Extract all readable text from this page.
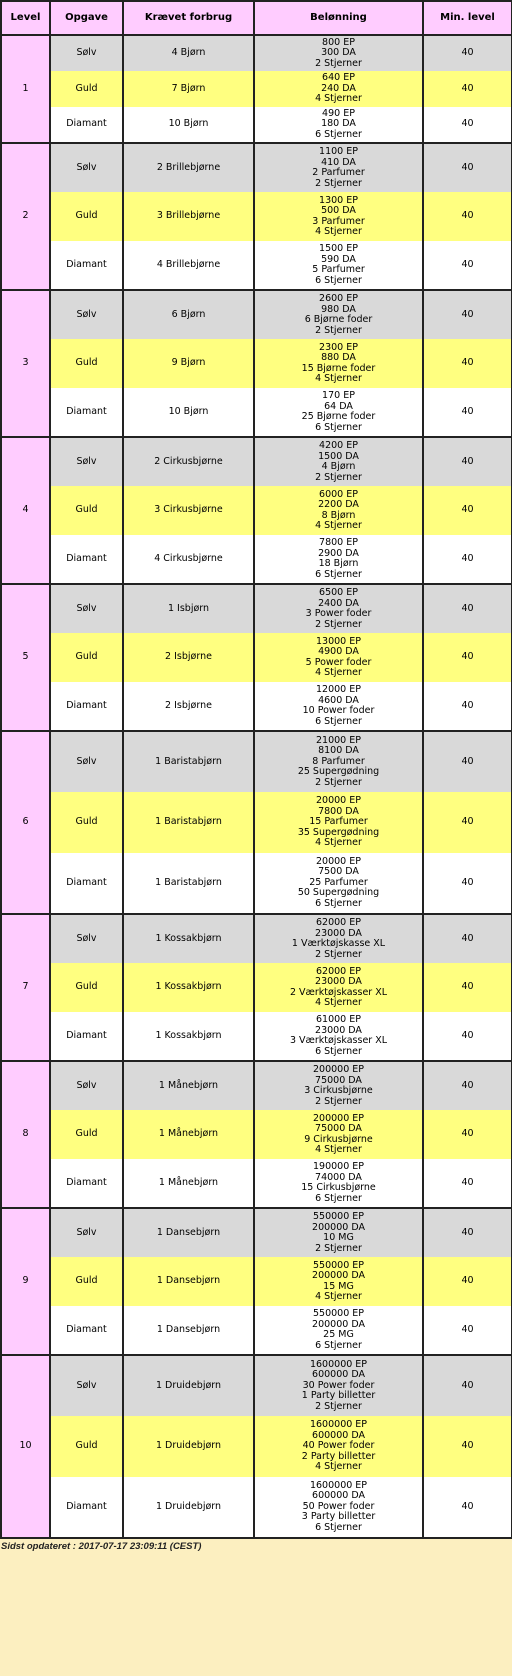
Level	Opgave	Krævet forbrug	Belønning	Min. level
1	Sølv	4 Bjørn	800 EP
300 DA
2 Stjerner	40
	Guld	7 Bjørn	640 EP
240 DA
4 Stjerner	40
	Diamant	10 Bjørn	490 EP
180 DA
6 Stjerner	40
2	Sølv	2 Brillebjørne	1100 EP
410 DA
2 Parfumer
2 Stjerner	40
	Guld	3 Brillebjørne	1300 EP
500 DA
3 Parfumer
4 Stjerner	40
	Diamant	4 Brillebjørne	1500 EP
590 DA
5 Parfumer
6 Stjerner	40
3	Sølv	6 Bjørn	2600 EP
980 DA
6 Bjørne foder
2 Stjerner	40
	Guld	9 Bjørn	2300 EP
880 DA
15 Bjørne foder
4 Stjerner	40
	Diamant	10 Bjørn	170 EP
64 DA
25 Bjørne foder
6 Stjerner	40
4	Sølv	2 Cirkusbjørne	4200 EP
1500 DA
4 Bjørn
2 Stjerner	40
	Guld	3 Cirkusbjørne	6000 EP
2200 DA
8 Bjørn
4 Stjerner	40
	Diamant	4 Cirkusbjørne	7800 EP
2900 DA
18 Bjørn
6 Stjerner	40
5	Sølv	1 Isbjørn	6500 EP
2400 DA
3 Power foder
2 Stjerner	40
	Guld	2 Isbjørne	13000 EP
4900 DA
5 Power foder
4 Stjerner	40
	Diamant	2 Isbjørne	12000 EP
4600 DA
10 Power foder
6 Stjerner	40
6	Sølv	1 Baristabjørn	21000 EP
8100 DA
8 Parfumer
25 Supergødning
2 Stjerner	40
	Guld	1 Baristabjørn	20000 EP
7800 DA
15 Parfumer
35 Supergødning
4 Stjerner	40
	Diamant	1 Baristabjørn	20000 EP
7500 DA
25 Parfumer
50 Supergødning
6 Stjerner	40
7	Sølv	1 Kossakbjørn	62000 EP
23000 DA
1 Værktøjskasse XL
2 Stjerner	40
	Guld	1 Kossakbjørn	62000 EP
23000 DA
2 Værktøjskasser XL
4 Stjerner	40
	Diamant	1 Kossakbjørn	61000 EP
23000 DA
3 Værktøjskasser XL
6 Stjerner	40
8	Sølv	1 Månebjørn	200000 EP
75000 DA
3 Cirkusbjørne
2 Stjerner	40
	Guld	1 Månebjørn	200000 EP
75000 DA
9 Cirkusbjørne
4 Stjerner	40
	Diamant	1 Månebjørn	190000 EP
74000 DA
15 Cirkusbjørne
6 Stjerner	40
9	Sølv	1 Dansebjørn	550000 EP
200000 DA
10 MG
2 Stjerner	40
	Guld	1 Dansebjørn	550000 EP
200000 DA
15 MG
4 Stjerner	40
	Diamant	1 Dansebjørn	550000 EP
200000 DA
25 MG
6 Stjerner	40
10	Sølv	1 Druidebjørn	1600000 EP
600000 DA
30 Power foder
1 Party billetter
2 Stjerner	40
	Guld	1 Druidebjørn	1600000 EP
600000 DA
40 Power foder
2 Party billetter
4 Stjerner	40
	Diamant	1 Druidebjørn	1600000 EP
600000 DA
50 Power foder
3 Party billetter
6 Stjerner	40
Sidst opdateret : 2017-07-17 23:09:11 (CEST)
